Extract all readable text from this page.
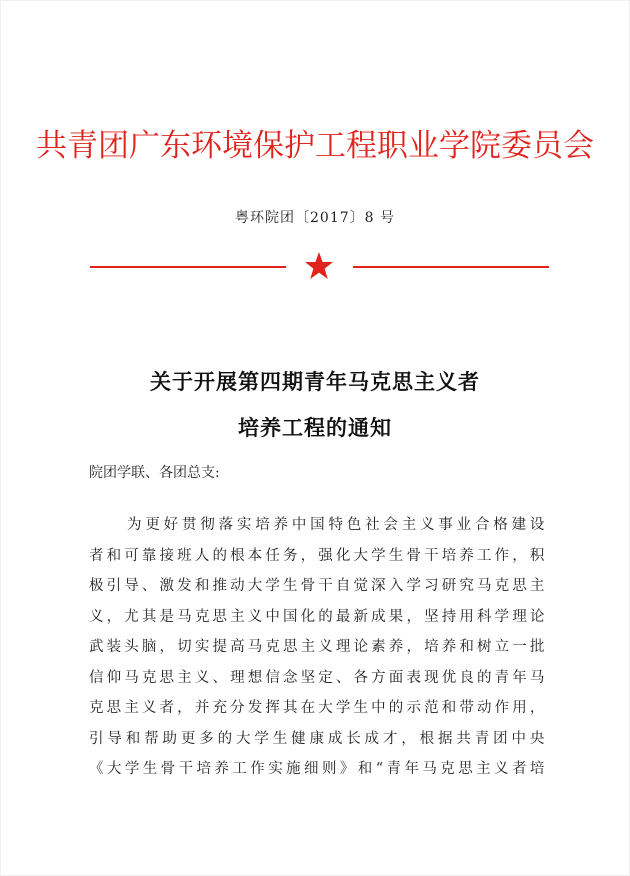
共青团广东环境保护工程职业学院委员会
粤环院团〔2017〕8 号
关于开展第四期青年马克思主义者
培养工程的通知
院团学联、各团总支:
为更好贯彻落实培养中国特色社会主义事业合格建设
者和可靠接班人的根本任务，强化大学生骨干培养工作，积
极引导、激发和推动大学生骨干自觉深入学习研究马克思主
义，尤其是马克思主义中国化的最新成果，坚持用科学理论
武装头脑，切实提高马克思主义理论素养，培养和树立一批
信仰马克思主义、理想信念坚定、各方面表现优良的青年马
克思主义者，并充分发挥其在大学生中的示范和带动作用，
引导和帮助更多的大学生健康成长成才，根据共青团中央
《大学生骨干培养工作实施细则》和“青年马克思主义者培
